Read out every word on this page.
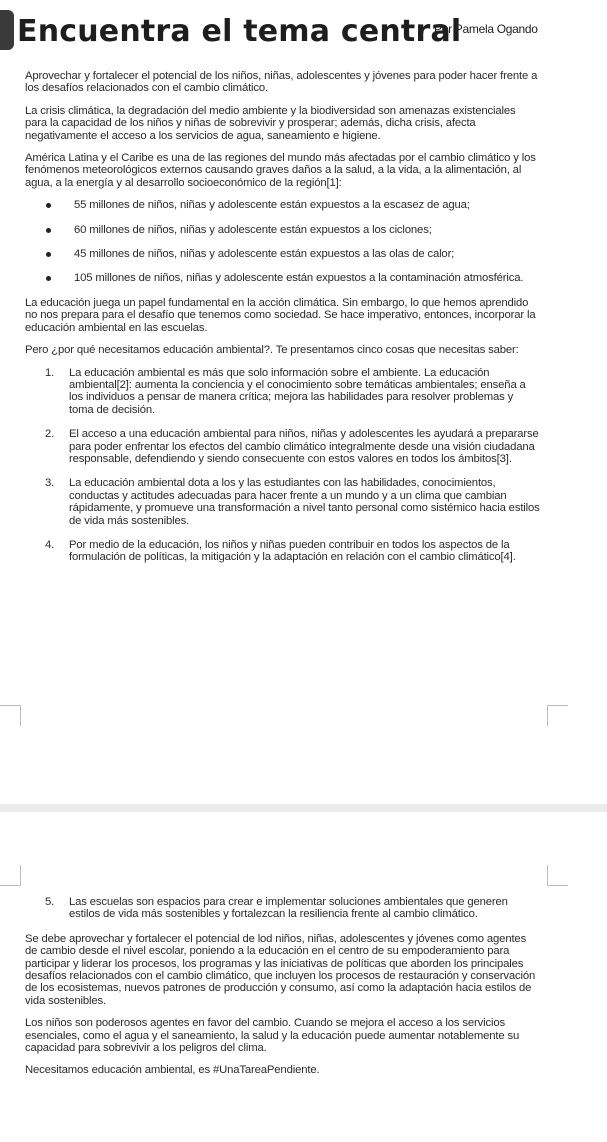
Encuentra el tema central
Por Pamela Ogando

Aprovechar y fortalecer el potencial de los niños, niñas, adolescentes y jóvenes para poder hacer frente a los desafíos relacionados con el cambio climático.

La crisis climática, la degradación del medio ambiente y la biodiversidad son amenazas existenciales para la capacidad de los niños y niñas de sobrevivir y prosperar; además, dicha crisis, afecta negativamente el acceso a los servicios de agua, saneamiento e higiene.

América Latina y el Caribe es una de las regiones del mundo más afectadas por el cambio climático y los fenómenos meteorológicos externos causando graves daños a la salud, a la vida, a la alimentación, al agua, a la energía y al desarrollo socioeconómico de la región[1]:

55 millones de niños, niñas y adolescente están expuestos a la escasez de agua;
60 millones de niños, niñas y adolescente están expuestos a los ciclones;
45 millones de niños, niñas y adolescente están expuestos a las olas de calor;
105 millones de niños, niñas y adolescente están expuestos a la contaminación atmosférica.

La educación juega un papel fundamental en la acción climática. Sin embargo, lo que hemos aprendido no nos prepara para el desafío que tenemos como sociedad. Se hace imperativo, entonces, incorporar la educación ambiental en las escuelas.

Pero ¿por qué necesitamos educación ambiental?. Te presentamos cinco cosas que necesitas saber:

1. La educación ambiental es más que solo información sobre el ambiente. La educación ambiental[2]: aumenta la conciencia y el conocimiento sobre temáticas ambientales; enseña a los individuos a pensar de manera crítica; mejora las habilidades para resolver problemas y toma de decisión.
2. El acceso a una educación ambiental para niños, niñas y adolescentes les ayudará a prepararse para poder enfrentar los efectos del cambio climático integralmente desde una visión ciudadana responsable, defendiendo y siendo consecuente con estos valores en todos los ámbitos[3].
3. La educación ambiental dota a los y las estudiantes con las habilidades, conocimientos, conductas y actitudes adecuadas para hacer frente a un mundo y a un clima que cambian rápidamente, y promueve una transformación a nivel tanto personal como sistémico hacia estilos de vida más sostenibles.
4. Por medio de la educación, los niños y niñas pueden contribuir en todos los aspectos de la formulación de políticas, la mitigación y la adaptación en relación con el cambio climático[4].
5. Las escuelas son espacios para crear e implementar soluciones ambientales que generen estilos de vida más sostenibles y fortalezcan la resiliencia frente al cambio climático.

Se debe aprovechar y fortalecer el potencial de lod niños, niñas, adolescentes y jóvenes como agentes de cambio desde el nivel escolar, poniendo a la educación en el centro de su empoderamiento para participar y liderar los procesos, los programas y las iniciativas de políticas que aborden los principales desafíos relacionados con el cambio climático, que incluyen los procesos de restauración y conservación de los ecosistemas, nuevos patrones de producción y consumo, así como la adaptación hacia estilos de vida sostenibles.

Los niños son poderosos agentes en favor del cambio. Cuando se mejora el acceso a los servicios esenciales, como el agua y el saneamiento, la salud y la educación puede aumentar notablemente su capacidad para sobrevivir a los peligros del clima.

Necesitamos educación ambiental, es #UnaTareaPendiente.
